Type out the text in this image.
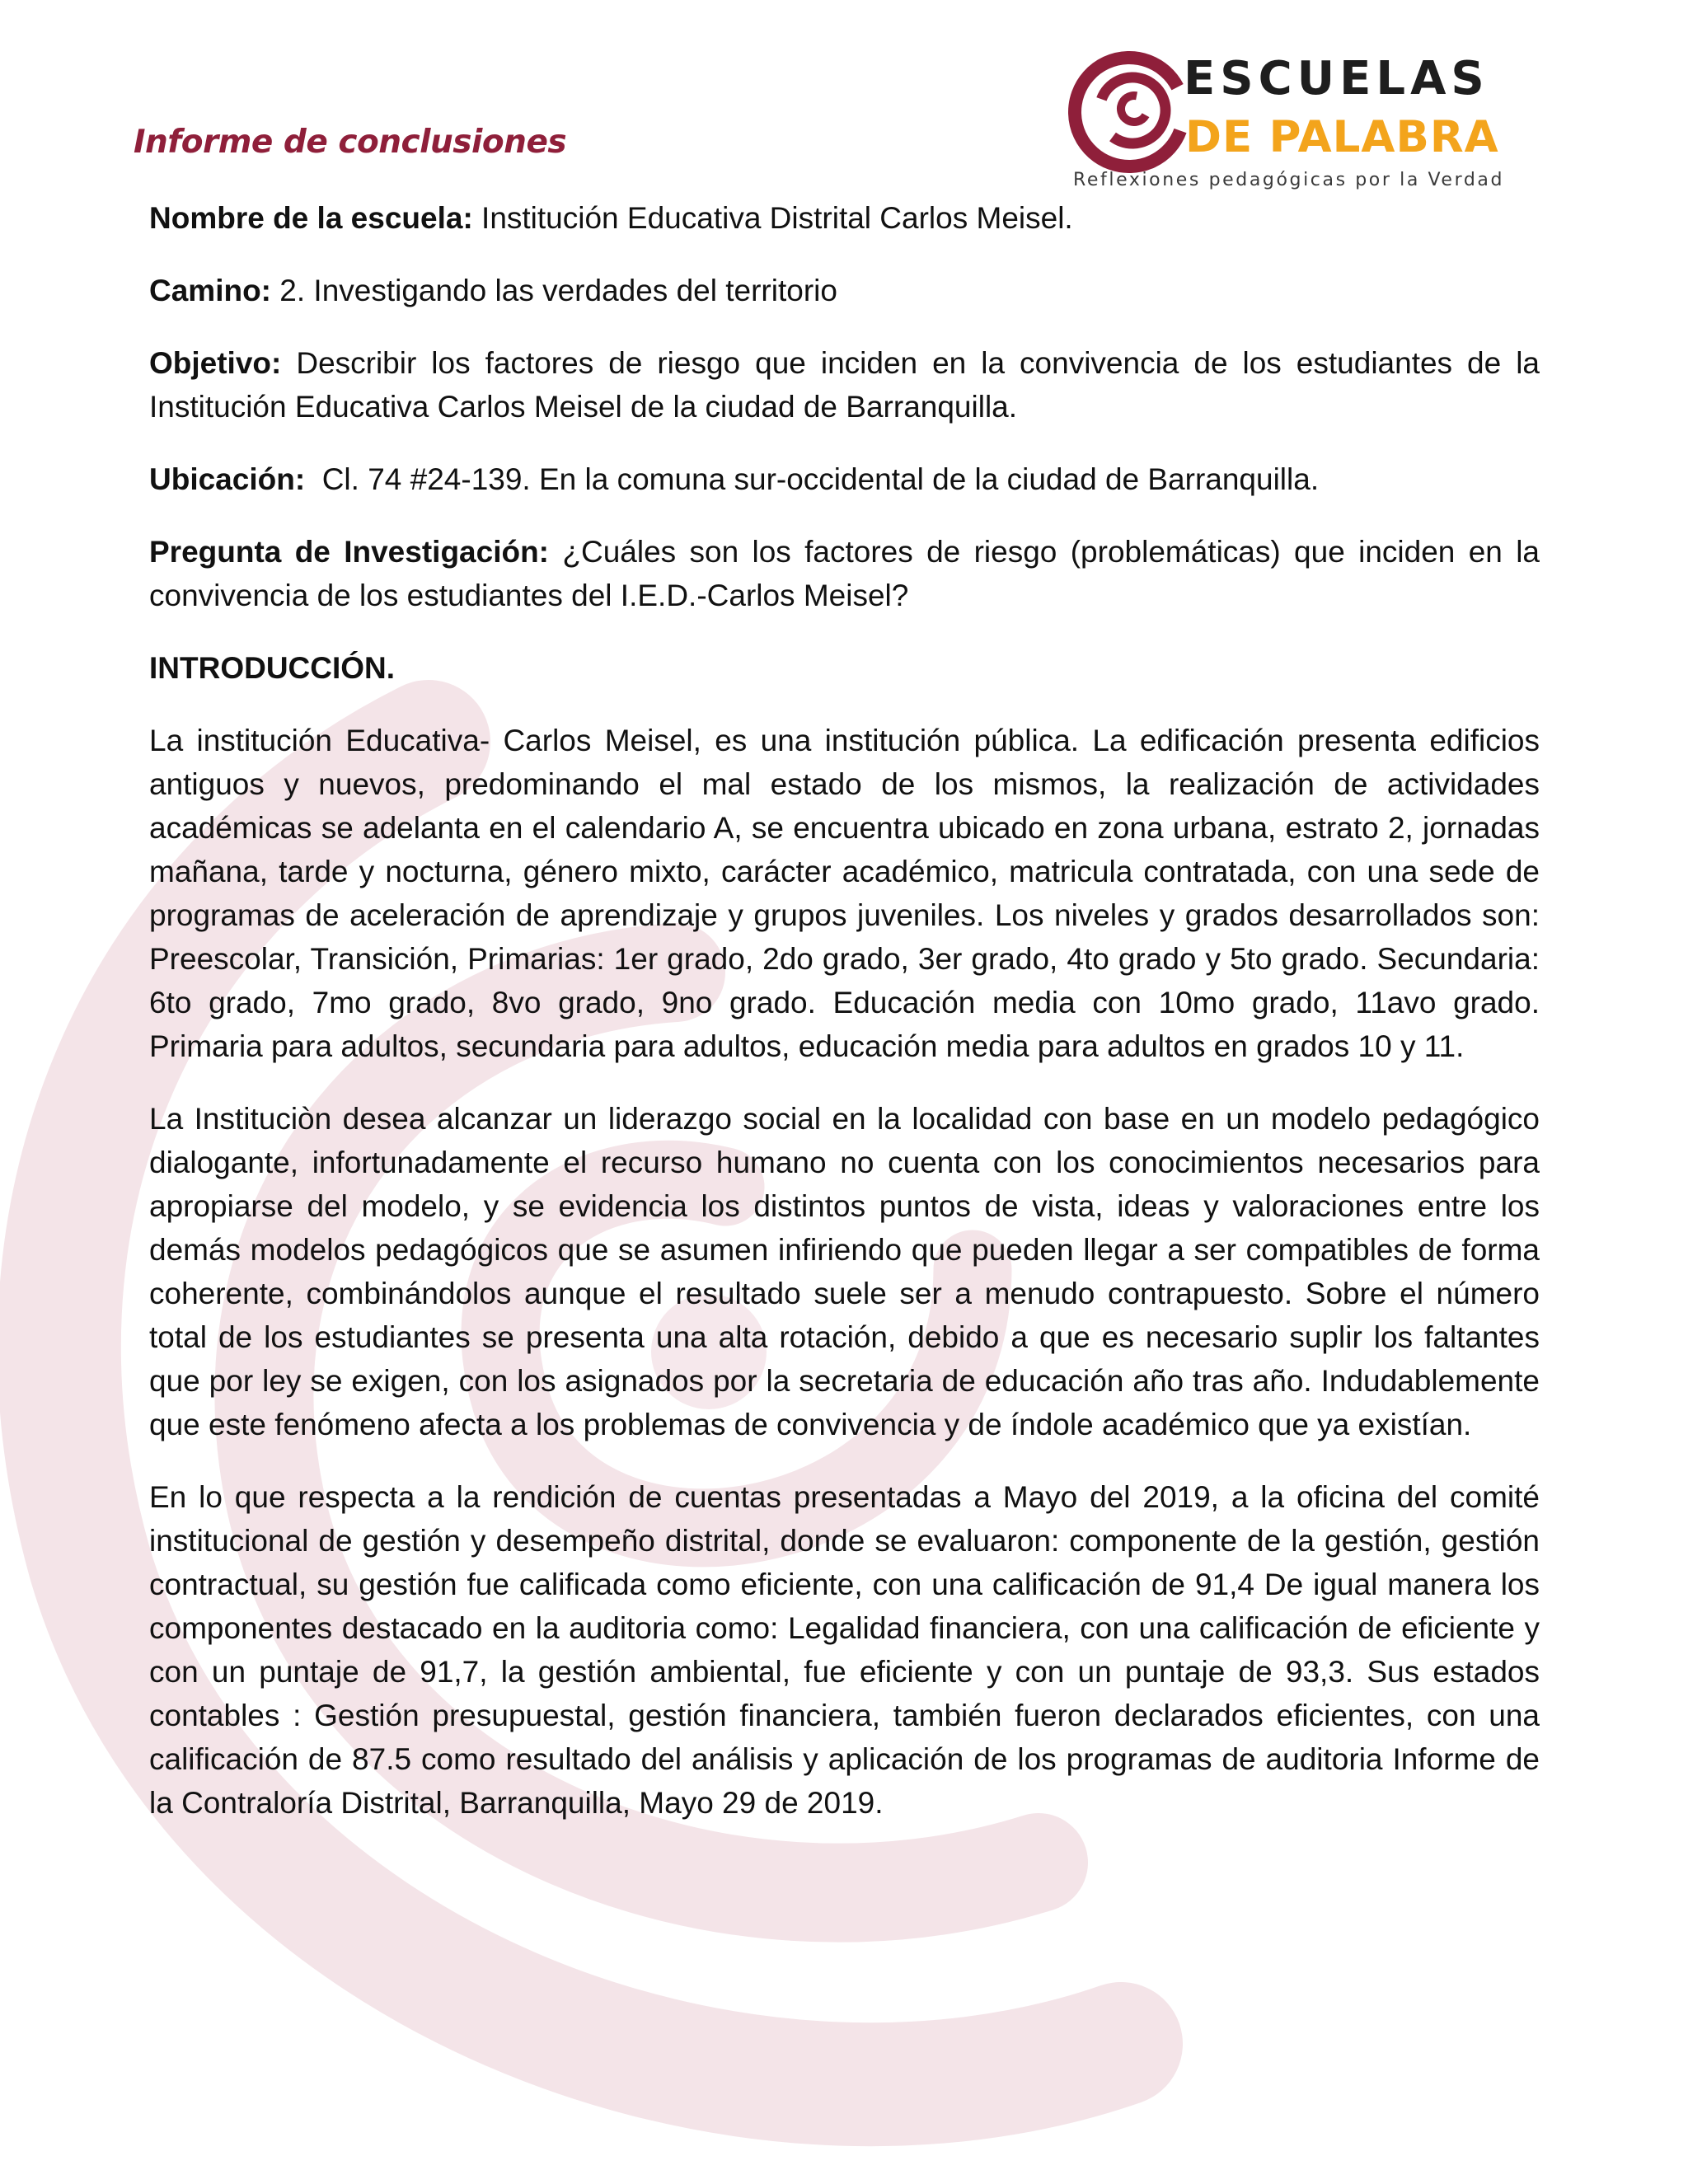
Informe de conclusiones
ESCUELAS
DE PALABRA
Reflexiones pedagógicas por la Verdad

Nombre de la escuela: Institución Educativa Distrital Carlos Meisel.

Camino: 2. Investigando las verdades del territorio

Objetivo: Describir los factores de riesgo que inciden en la convivencia de los estudiantes de la Institución Educativa Carlos Meisel de la ciudad de Barranquilla.

Ubicación: Cl. 74 #24-139. En la comuna sur-occidental de la ciudad de Barranquilla.

Pregunta de Investigación: ¿Cuáles son los factores de riesgo (problemáticas) que inciden en la convivencia de los estudiantes del I.E.D.-Carlos Meisel?

INTRODUCCIÓN.

La institución Educativa- Carlos Meisel, es una institución pública. La edificación presenta edificios antiguos y nuevos, predominando el mal estado de los mismos, la realización de actividades académicas se adelanta en el calendario A, se encuentra ubicado en zona urbana, estrato 2, jornadas mañana, tarde y nocturna, género mixto, carácter académico, matricula contratada, con una sede de programas de aceleración de aprendizaje y grupos juveniles. Los niveles y grados desarrollados son: Preescolar, Transición, Primarias: 1er grado, 2do grado, 3er grado, 4to grado y 5to grado. Secundaria: 6to grado, 7mo grado, 8vo grado, 9no grado. Educación media con 10mo grado, 11avo grado. Primaria para adultos, secundaria para adultos, educación media para adultos en grados 10 y 11.

La Instituciòn desea alcanzar un liderazgo social en la localidad con base en un modelo pedagógico dialogante, infortunadamente el recurso humano no cuenta con los conocimientos necesarios para apropiarse del modelo, y se evidencia los distintos puntos de vista, ideas y valoraciones entre los demás modelos pedagógicos que se asumen infiriendo que pueden llegar a ser compatibles de forma coherente, combinándolos aunque el resultado suele ser a menudo contrapuesto. Sobre el número total de los estudiantes se presenta una alta rotación, debido a que es necesario suplir los faltantes que por ley se exigen, con los asignados por la secretaria de educación año tras año. Indudablemente que este fenómeno afecta a los problemas de convivencia y de índole académico que ya existían.

En lo que respecta a la rendición de cuentas presentadas a Mayo del 2019, a la oficina del comité institucional de gestión y desempeño distrital, donde se evaluaron: componente de la gestión, gestión contractual, su gestión fue calificada como eficiente, con una calificación de 91,4 De igual manera los componentes destacado en la auditoria como: Legalidad financiera, con una calificación de eficiente y con un puntaje de 91,7, la gestión ambiental, fue eficiente y con un puntaje de 93,3. Sus estados contables : Gestión presupuestal, gestión financiera, también fueron declarados eficientes, con una calificación de 87.5 como resultado del análisis y aplicación de los programas de auditoria Informe de la Contraloría Distrital, Barranquilla, Mayo 29 de 2019.
